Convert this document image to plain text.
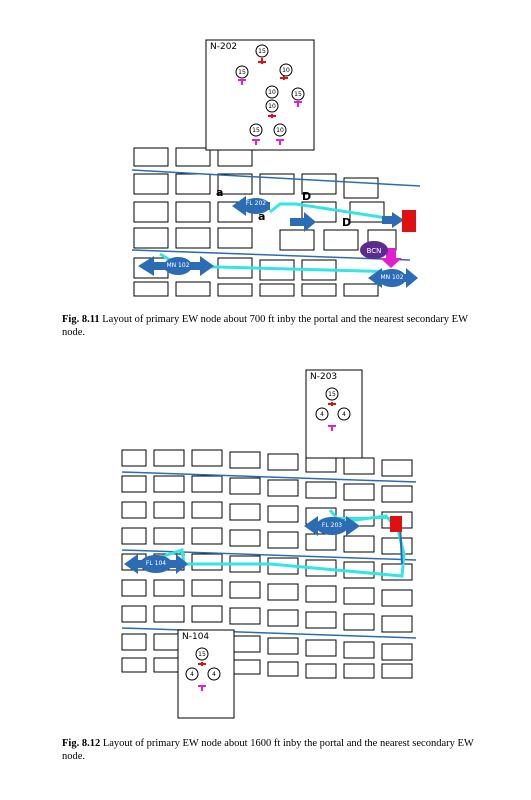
FL 202
BCN
MN 102
MN 102
a
a
D
D
N-202	15
15	10
10	15
10
15	10
Fig. 8.11 Layout of primary EW node about 700 ft inby the portal and the nearest secondary EW node.
FL 203
FL 104
N-203
15
4	4
N-104
15
4	4
Fig. 8.12 Layout of primary EW node about 1600 ft inby the portal and the nearest secondary EW node.
